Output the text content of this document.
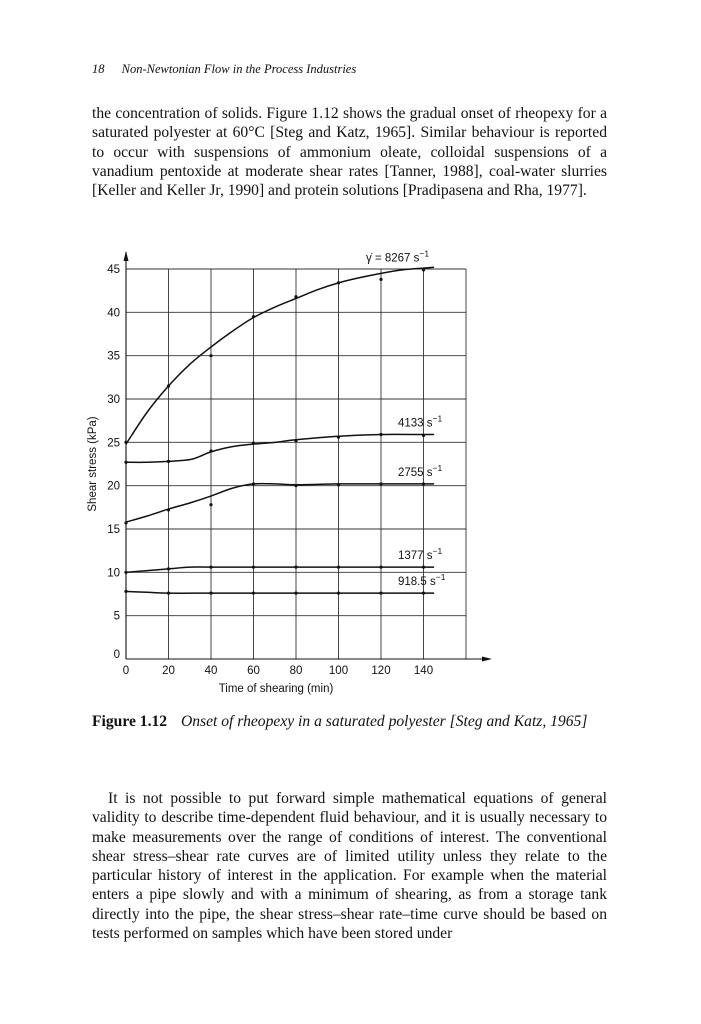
18 Non-Newtonian Flow in the Process Industries
the concentration of solids. Figure 1.12 shows the gradual onset of rheopexy for a saturated polyester at 60°C [Steg and Katz, 1965]. Similar behaviour is reported to occur with suspensions of ammonium oleate, colloidal suspensions of a vanadium pentoxide at moderate shear rates [Tanner, 1988], coal-water slurries [Keller and Keller Jr, 1990] and protein solutions [Pradipasena and Rha, 1977].
0	20	40	60	80 100 120 140
0
5
10
15
20
25
30
35
40
45
Time of shearing (min)
Shear stress (kPa)
γ̇ = 8267 $s^{-1}$
4133 $s^{-1}$
2755 $s^{-1}$
1377 $s^{-1}$
918.5 $s^{-1}$
Figure 1.12 Onset of rheopexy in a saturated polyester [Steg and Katz, 1965]
It is not possible to put forward simple mathematical equations of general validity to describe time-dependent fluid behaviour, and it is usually necessary to make measurements over the range of conditions of interest. The conventional shear stress–shear rate curves are of limited utility unless they relate to the particular history of interest in the application. For example when the material enters a pipe slowly and with a minimum of shearing, as from a storage tank directly into the pipe, the shear stress–shear rate–time curve should be based on tests performed on samples which have been stored under
